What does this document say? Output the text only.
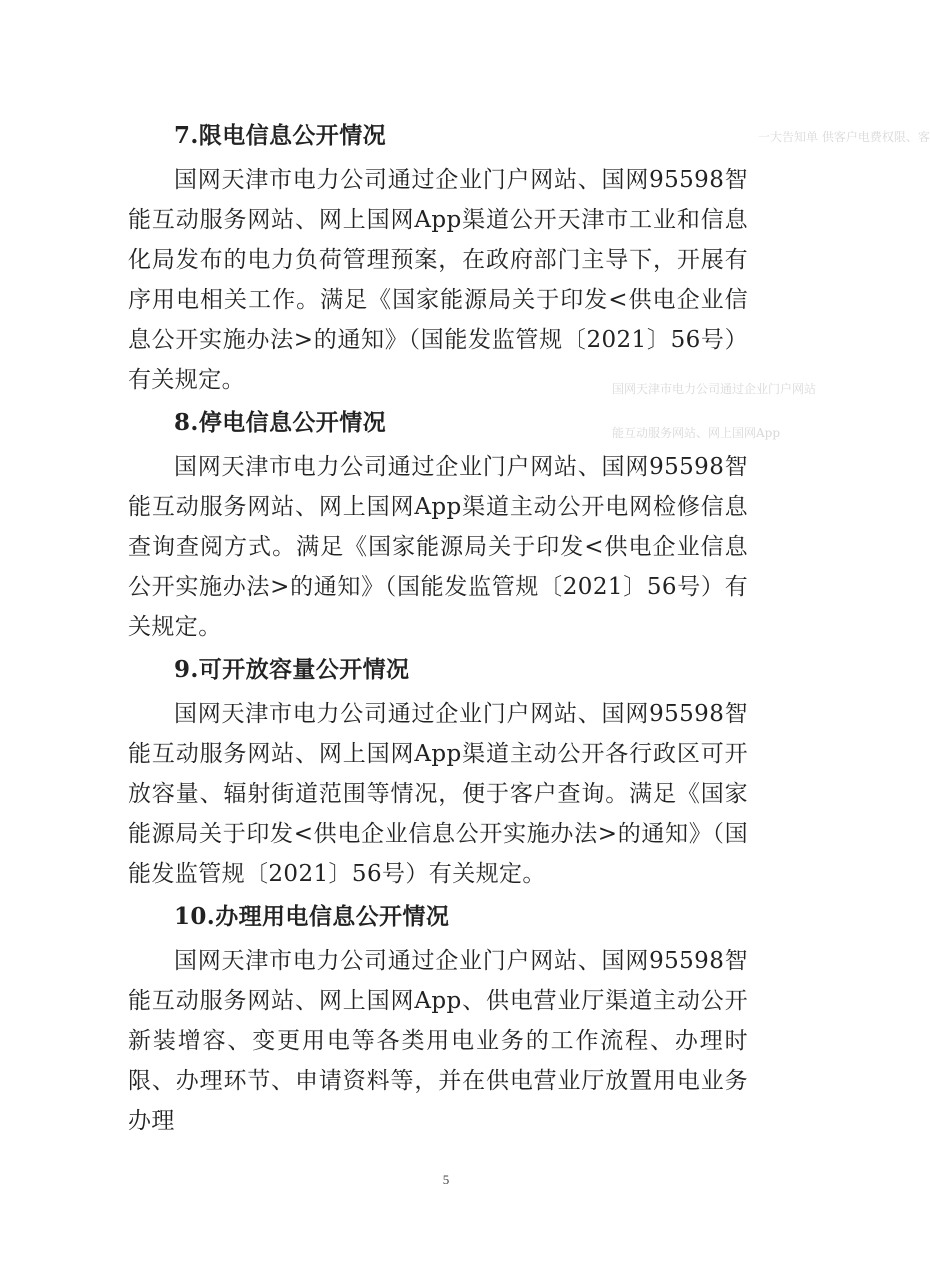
一大告知单 供客户电费权限、客
国网天津市电力公司通过企业门户网站
能互动服务网站、网上国网App
7.限电信息公开情况
国网天津市电力公司通过企业门户网站、国网95598智能互动服务网站、网上国网App渠道公开天津市工业和信息化局发布的电力负荷管理预案，在政府部门主导下，开展有序用电相关工作。满足《国家能源局关于印发<供电企业信息公开实施办法>的通知》（国能发监管规〔2021〕56号）有关规定。
8.停电信息公开情况
国网天津市电力公司通过企业门户网站、国网95598智能互动服务网站、网上国网App渠道主动公开电网检修信息查询查阅方式。满足《国家能源局关于印发<供电企业信息公开实施办法>的通知》（国能发监管规〔2021〕56号）有关规定。
9.可开放容量公开情况
国网天津市电力公司通过企业门户网站、国网95598智能互动服务网站、网上国网App渠道主动公开各行政区可开放容量、辐射街道范围等情况，便于客户查询。满足《国家能源局关于印发<供电企业信息公开实施办法>的通知》（国能发监管规〔2021〕56号）有关规定。
10.办理用电信息公开情况
国网天津市电力公司通过企业门户网站、国网95598智能互动服务网站、网上国网App、供电营业厅渠道主动公开新装增容、变更用电等各类用电业务的工作流程、办理时限、办理环节、申请资料等，并在供电营业厅放置用电业务办理
5
